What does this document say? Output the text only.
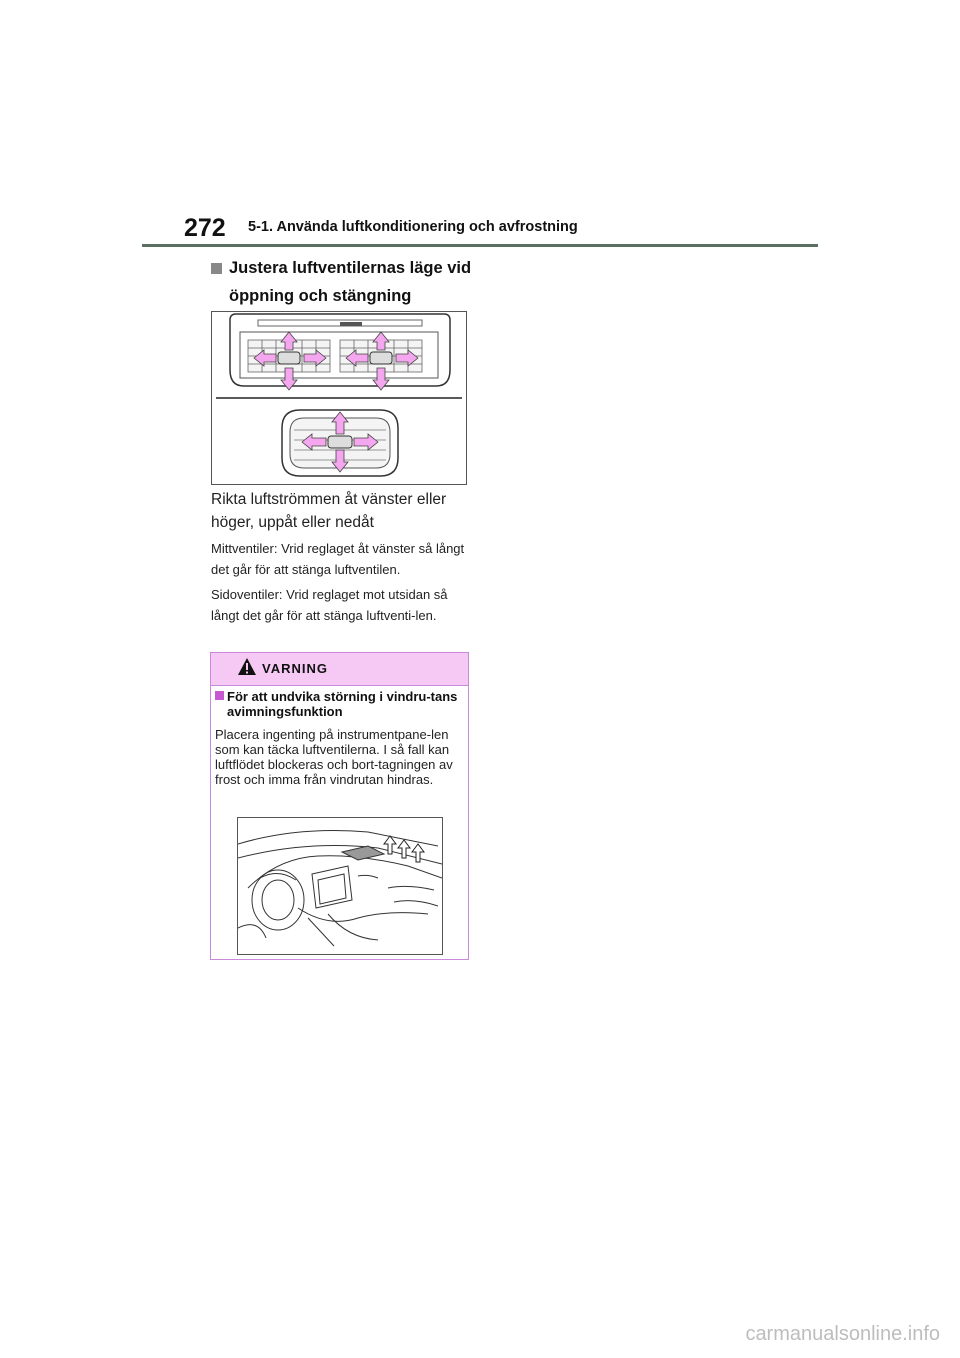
272 5-1. Använda luftkonditionering och avfrostning
Justera luftventilernas läge vid öppning och stängning
Rikta luftströmmen åt vänster eller höger, uppåt eller nedåt
Mittventiler: Vrid reglaget åt vänster så långt det går för att stänga luftventilen.
Sidoventiler: Vrid reglaget mot utsidan så långt det går för att stänga luftventi-len.
VARNING
För att undvika störning i vindru-tans avimningsfunktion
Placera ingenting på instrumentpane-len som kan täcka luftventilerna. I så fall kan luftflödet blockeras och bort-tagningen av frost och imma från vindrutan hindras.
carmanualsonline.info
